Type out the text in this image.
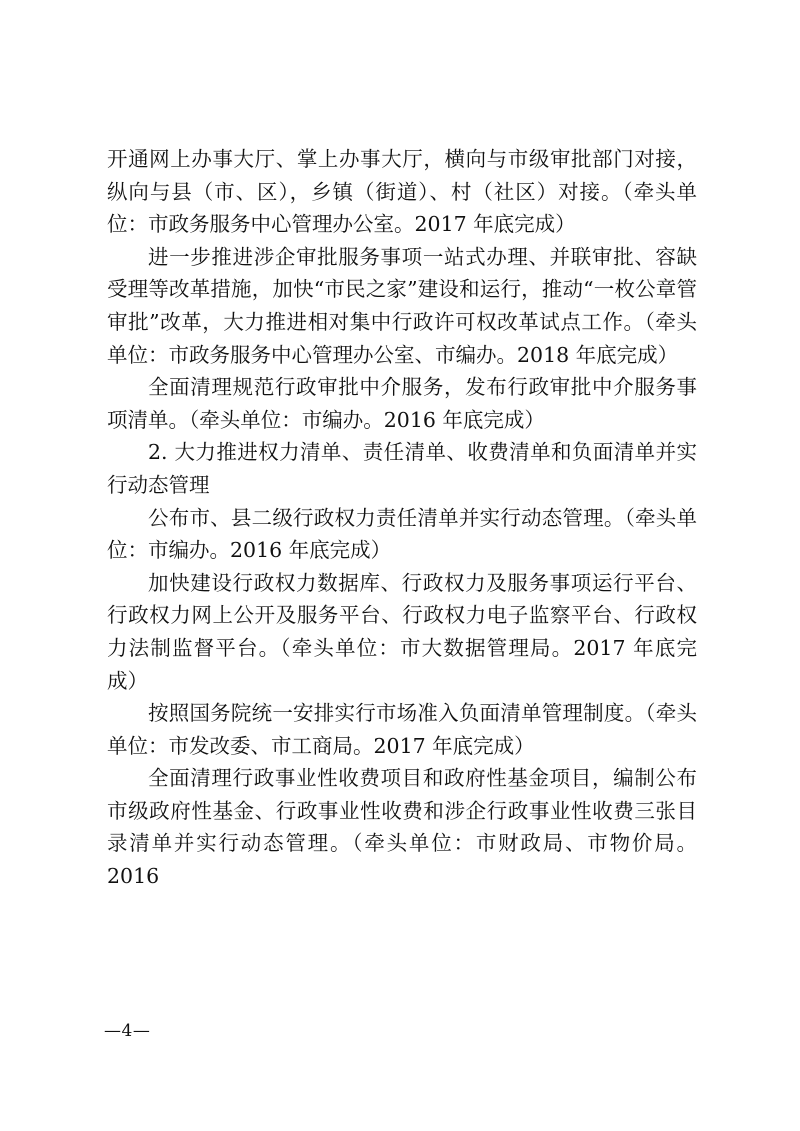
开通网上办事大厅、掌上办事大厅，横向与市级审批部门对接，纵向与县（市、区），乡镇（街道）、村（社区）对接。（牵头单位：市政务服务中心管理办公室。2017 年底完成）

进一步推进涉企审批服务事项一站式办理、并联审批、容缺受理等改革措施，加快“市民之家”建设和运行，推动“一枚公章管审批”改革，大力推进相对集中行政许可权改革试点工作。（牵头单位：市政务服务中心管理办公室、市编办。2018 年底完成）

全面清理规范行政审批中介服务，发布行政审批中介服务事项清单。（牵头单位：市编办。2016 年底完成）

2. 大力推进权力清单、责任清单、收费清单和负面清单并实行动态管理

公布市、县二级行政权力责任清单并实行动态管理。（牵头单位：市编办。2016 年底完成）

加快建设行政权力数据库、行政权力及服务事项运行平台、行政权力网上公开及服务平台、行政权力电子监察平台、行政权力法制监督平台。（牵头单位：市大数据管理局。2017 年底完成）

按照国务院统一安排实行市场准入负面清单管理制度。（牵头单位：市发改委、市工商局。2017 年底完成）

全面清理行政事业性收费项目和政府性基金项目，编制公布市级政府性基金、行政事业性收费和涉企行政事业性收费三张目录清单并实行动态管理。（牵头单位：市财政局、市物价局。2016

—4—
